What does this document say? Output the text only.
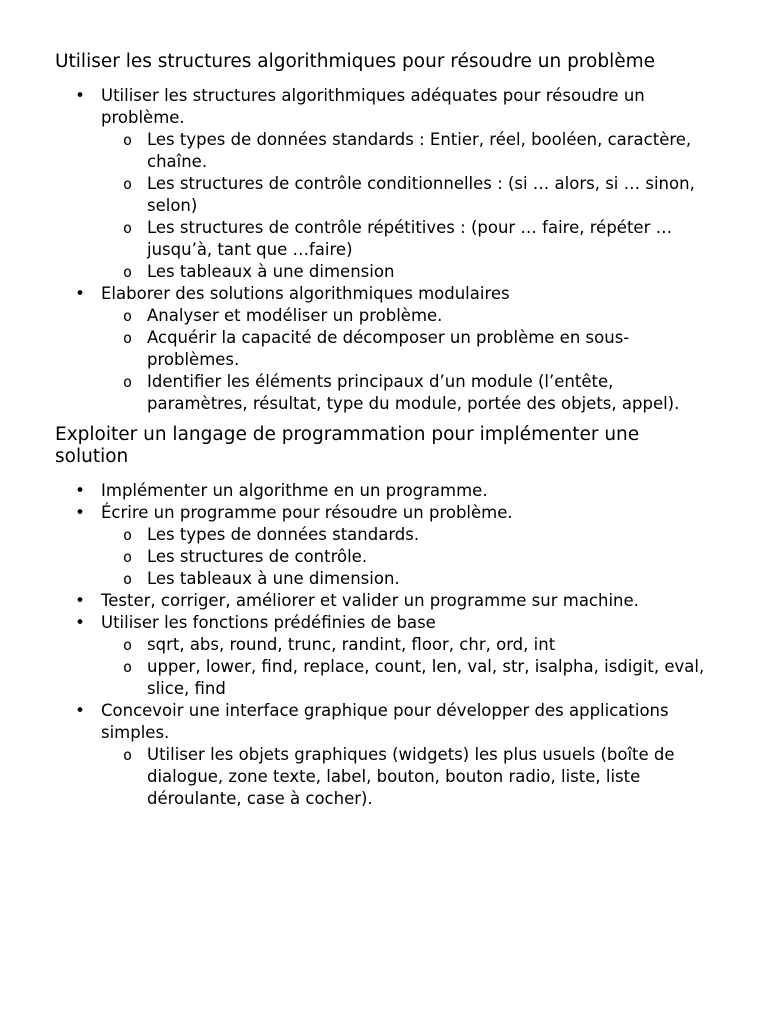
Utiliser les structures algorithmiques pour résoudre un problème
• Utiliser les structures algorithmiques adéquates pour résoudre un problème.
o Les types de données standards : Entier, réel, booléen, caractère, chaîne.
o Les structures de contrôle conditionnelles : (si … alors, si … sinon, selon)
o Les structures de contrôle répétitives : (pour … faire, répéter … jusqu’à, tant que …faire)
o Les tableaux à une dimension
• Elaborer des solutions algorithmiques modulaires
o Analyser et modéliser un problème.
o Acquérir la capacité de décomposer un problème en sous-problèmes.
o Identifier les éléments principaux d’un module (l’entête, paramètres, résultat, type du module, portée des objets, appel).
Exploiter un langage de programmation pour implémenter une solution
• Implémenter un algorithme en un programme.
• Écrire un programme pour résoudre un problème.
o Les types de données standards.
o Les structures de contrôle.
o Les tableaux à une dimension.
• Tester, corriger, améliorer et valider un programme sur machine.
• Utiliser les fonctions prédéfinies de base
o sqrt, abs, round, trunc, randint, floor, chr, ord, int
o upper, lower, find, replace, count, len, val, str, isalpha, isdigit, eval, slice, find
• Concevoir une interface graphique pour développer des applications simples.
o Utiliser les objets graphiques (widgets) les plus usuels (boîte de dialogue, zone texte, label, bouton, bouton radio, liste, liste déroulante, case à cocher).
